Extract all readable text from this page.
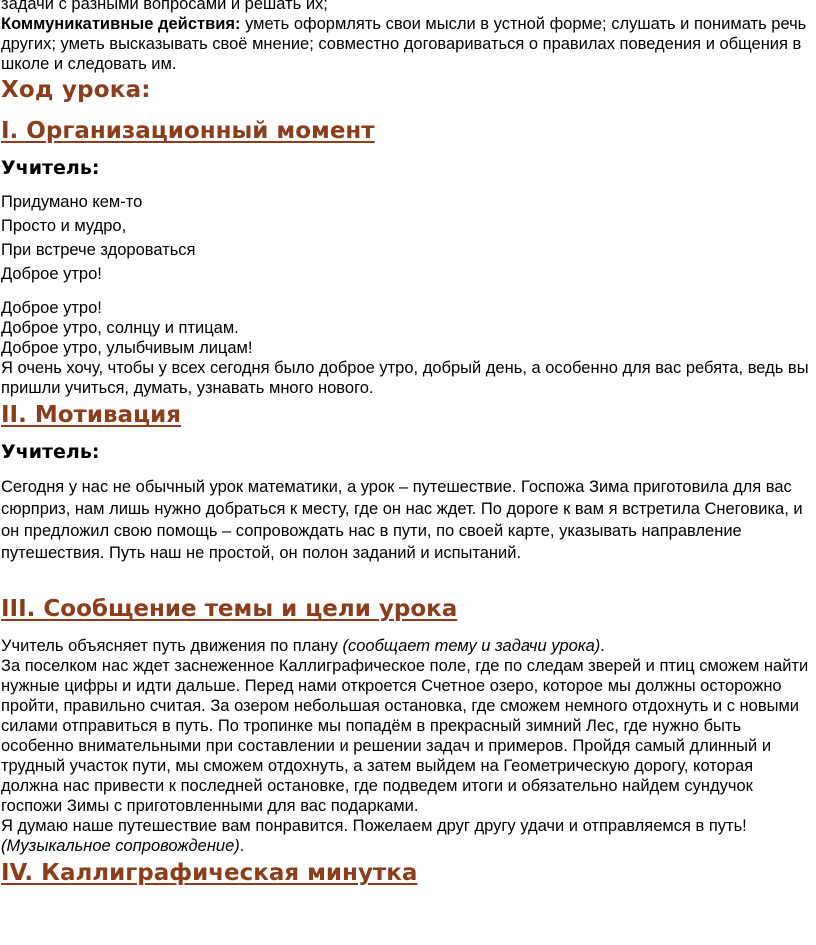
задачи с разными вопросами и решать их;

Коммуникативные действия: уметь оформлять свои мысли в устной форме; слушать и понимать речь других; уметь высказывать своё мнение; совместно договариваться о правилах поведения и общения в школе и следовать им.

Ход урока:

I. Организационный момент

Учитель:

Придумано кем-то

Просто и мудро,

При встрече здороваться

Доброе утро!

Доброе утро!

Доброе утро, солнцу и птицам.

Доброе утро, улыбчивым лицам!

Я очень хочу, чтобы у всех сегодня было доброе утро, добрый день, а особенно для вас ребята, ведь вы пришли учиться, думать, узнавать много нового.

II. Мотивация

Учитель:

Сегодня у нас не обычный урок математики, а урок – путешествие. Госпожа Зима приготовила для вас сюрприз, нам лишь нужно добраться к месту, где он нас ждет. По дороге к вам я встретила Снеговика, и он предложил свою помощь – сопровождать нас в пути, по своей карте, указывать направление путешествия. Путь наш не простой, он полон заданий и испытаний.

III. Сообщение темы и цели урока

Учитель объясняет путь движения по плану (сообщает тему и задачи урока).

За поселком нас ждет заснеженное Каллиграфическое поле, где по следам зверей и птиц сможем найти нужные цифры и идти дальше. Перед нами откроется Счетное озеро, которое мы должны осторожно пройти, правильно считая. За озером небольшая остановка, где сможем немного отдохнуть и с новыми силами отправиться в путь. По тропинке мы попадём в прекрасный зимний Лес, где нужно быть особенно внимательными при составлении и решении задач и примеров. Пройдя самый длинный и трудный участок пути, мы сможем отдохнуть, а затем выйдем на Геометрическую дорогу, которая должна нас привести к последней остановке, где подведем итоги и обязательно найдем сундучок госпожи Зимы с приготовленными для вас подарками.

Я думаю наше путешествие вам понравится. Пожелаем друг другу удачи и отправляемся в путь!

(Музыкальное сопровождение).

IV. Каллиграфическая минутка
